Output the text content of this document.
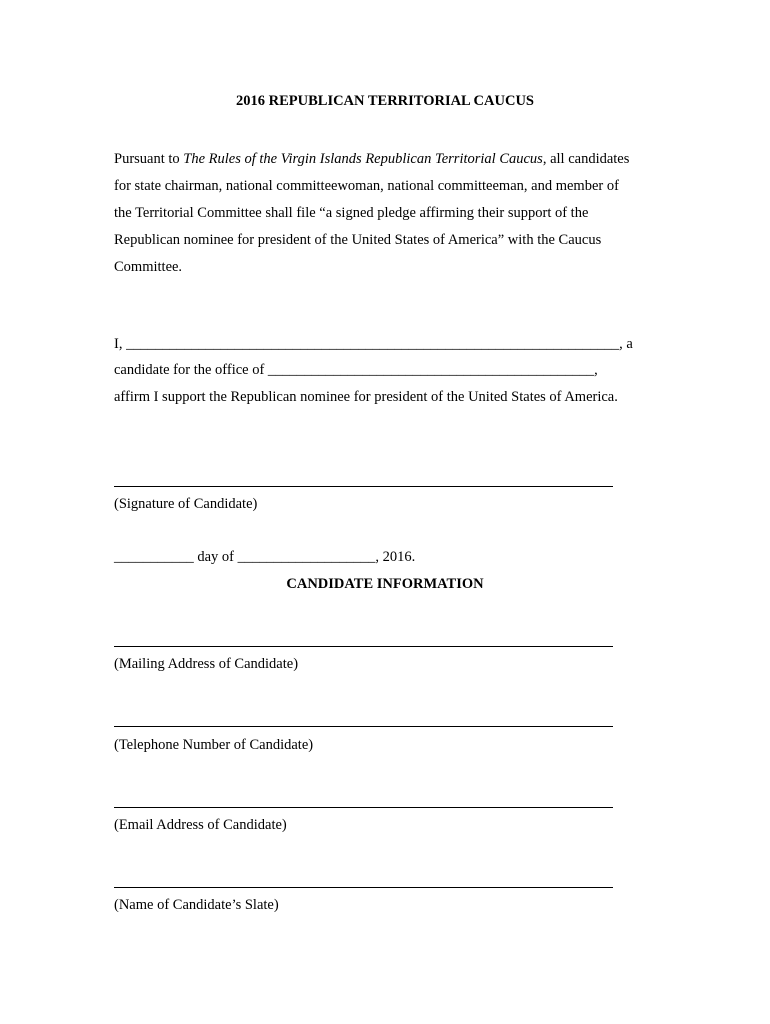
2016 REPUBLICAN TERRITORIAL CAUCUS
Pursuant to The Rules of the Virgin Islands Republican Territorial Caucus, all candidates
for state chairman, national committeewoman, national committeeman, and member of
the Territorial Committee shall file “a signed pledge affirming their support of the
Republican nominee for president of the United States of America” with the Caucus
Committee.
I, ____________________________________________________________________, a
candidate for the office of _____________________________________________,
affirm I support the Republican nominee for president of the United States of America.
(Signature of Candidate)
___________ day of ___________________, 2016.
CANDIDATE INFORMATION
(Mailing Address of Candidate)
(Telephone Number of Candidate)
(Email Address of Candidate)
(Name of Candidate’s Slate)
